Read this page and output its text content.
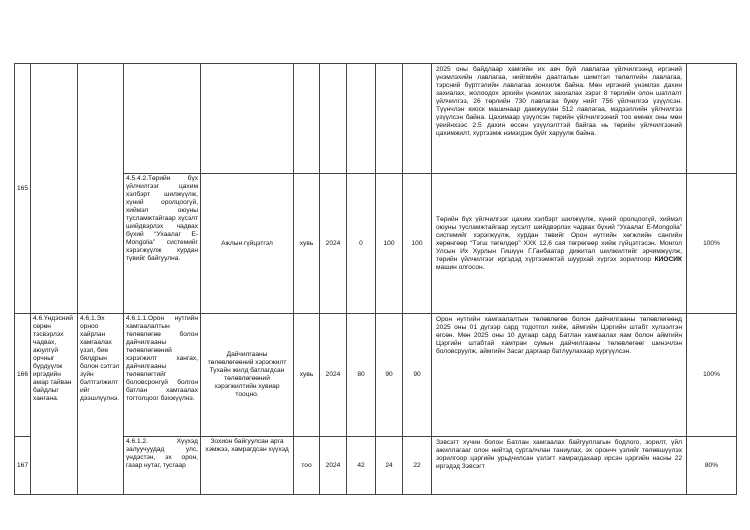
165										2025 оны байдлаар хамгийн их авч буй лавлагаа үйлчилгээнд иргэний үнэмлэхийн лавлагаа, нийгмийн даатгалын шимтгэл төлөлтийн лавлагаа, тэрсний бүртгэлийн лавлагаа зонхилж байна. Мөн иргэний үнэмлэх дахин захиалах, жолоодох эрхийн үнэмлэх захиалах зэрэг 8 төрлийн олон шатлалт үйлчилгээ, 26 төрлийн 730 лавлагаа буюу нийт 756 үйлчилгээ үзүүлсэн. Түүнчлэн киоск машинаар дамжуулан 512 лавлагаа, мэдээллийн үйлчилгээ үзүүлсэн байна. Цахимаар үзүүлсэн төрийн үйлчилгээний тоо өмнөх оны мөн үеийнхээс 2.5 дахин өссөн үзүүлэлттэй байгаа нь төрийн үйлчилгээний цахимжилт, хүртээмж нэмэгдэж буйг харуулж байна.	
			4.5.4.2.Төрийн бүх үйлчилгээг цахим хэлбэрт шилжүүлж, хүний оролцоогүй, хиймэл оюуны тусламжтайгаар хүсэлт шийдвэрлэх чадвах бүхий “Ухаалаг E-Mongolia” системийг хэрэгжүүлж хурдан түвийг байгуулна.	Ажлын гүйцэтгэл	хувь	2024	0	100	100	Төрийн бүх үйлчилгээг цахим хэлбэрт шилжүүлж, хүний оролцоогүй, хиймэл оюуны тусламжтайгаар хүсэлт шийдвэрлэх чадвах бүхий “Ухаалаг E-Mongolia” системийг хэрэгжүүлж, хурдан төвийг Орон нутгийн хөгжлийн сангийн хөрөнгөөр “Тэгш төгөлдөр” ХХК 12,6 сая төгрөгөөр хийж гүйцэтгэсэн. Монгол Улсын Их Хурлын Гишүүн Г.Ганбаатар дижитал шилжилтийг эрчимжүүлж, төрийн үйлчилгээг иргэдэд хүртээмжтэй шуурхай хүргэх зорилгоор КИОСИК машин олгосон.	100%
166	4.6.Үндэсний сөрөн тэсвэрлэх чадвах, аюулгүй орчныг бүрдүүлж иргэдийн амар тайван байдлыг хангана.	4.6.1.Эх орноо хайрлан хамгаалах үзэл, бие бялдрын болон сэтгэл зүйн бэлтгэлжилтийг дээшлүүлнэ.	4.6.1.1.Орон нутгийн хамгаалалтын төлөвлөгөө болон дайчилгааны төлөвлөгөөний хэрэгжилт хангах, дайчилгааны төлөвлөгтийг боловсронгуй болгон батлан хамгаалах тогтолцоог бэхжүүлнэ.	Дайчилгааны төлөвлөгөөний хэрэгжилт Тухайн жилд батлагдсан төлөвлөгөөний хэрэгжилтийн хувиар тооцно.	хувь	2024	80	90	90	Орон нутгийн хамгаалалтын төлөвлөгөө болон дайчилгааны төлөвлөгөөнд 2025 оны 01 дүгээр сард тодотгол хийж, аймгийн Цэргийн штабт хүлээлгэн өгсөн. Мөн 2025 оны 10 дугаар сард Батлан хамгаалах яам болон аймгийн Цэргийн штабтай хамтран сумын дайчилгааны төлөвлөгөөг шинэчлэн боловсруулж, аймгийн Засаг даргаар батлуулахаар хүргүүлсэн.	100%
167			4.6.1.2. Хүүхэд залуучуудад улс, үндэстэн, эх орон, газар нутаг, тусгаар	Зохион байгуулсан арга хэмжээ, хамрагдсан хүүхэд	тоо	2024	42	24	22	Зэвсэгт хүчин болон Батлан хамгаалах байгууллагын бодлого, зорилт, үйл ажиллагааг олон нийтэд сурталчлан таниулах, эх орончч үзлийг төлөвшүүлэх зорилгоор цэргийн урьдчилсан үзлэгт хамрагдахаар ирсэн цэргийн насны 22 иргэдэд Зэвсэгт	80%
